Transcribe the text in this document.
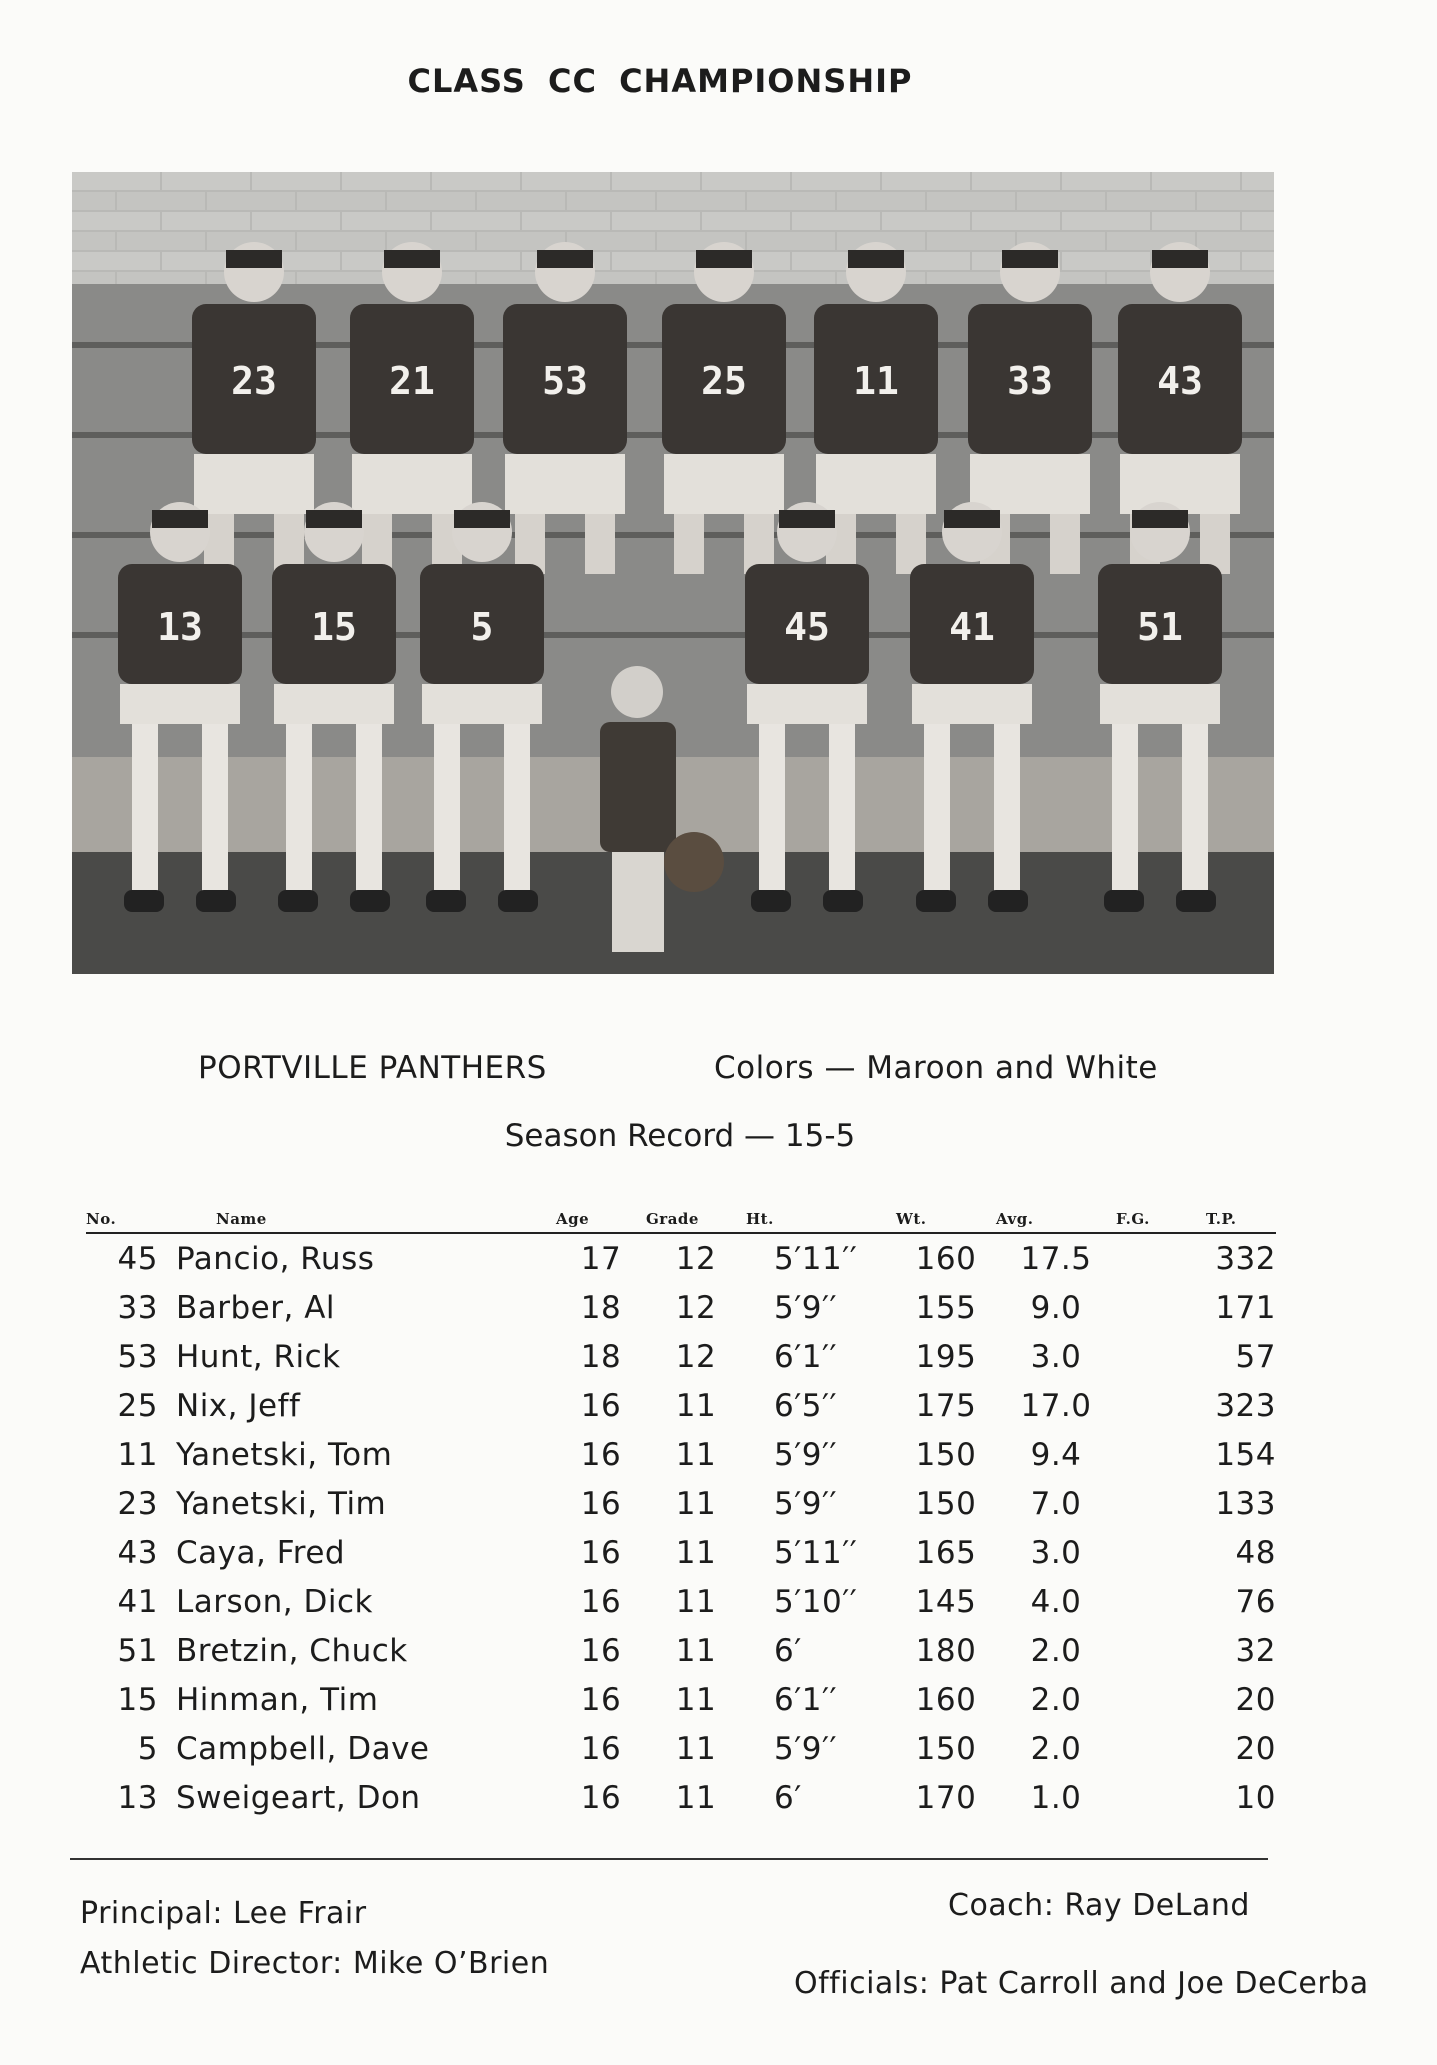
CLASS CC CHAMPIONSHIP
23	21	53	25	11	33	43
13	15	5	45	41	51
PORTVILLE PANTHERS	Colors — Maroon and White
Season Record — 15-5
No.	Name	Age	Grade	Ht.	Wt.	Avg.	F.G.	T.P.
45	Pancio, Russ	17	12	5′11′′	160	17.5		332
33	Barber, Al	18	12	5′9′′	155	9.0		171
53	Hunt, Rick	18	12	6′1′′	195	3.0		57
25	Nix, Jeff	16	11	6′5′′	175	17.0		323
11	Yanetski, Tom	16	11	5′9′′	150	9.4		154
23	Yanetski, Tim	16	11	5′9′′	150	7.0		133
43	Caya, Fred	16	11	5′11′′	165	3.0		48
41	Larson, Dick	16	11	5′10′′	145	4.0		76
51	Bretzin, Chuck	16	11	6′	180	2.0		32
15	Hinman, Tim	16	11	6′1′′	160	2.0		20
5	Campbell, Dave	16	11	5′9′′	150	2.0		20
13	Sweigeart, Don	16	11	6′	170	1.0		10
Principal: Lee Frair
Athletic Director: Mike O’Brien
Coach: Ray DeLand
Officials: Pat Carroll and Joe DeCerba
